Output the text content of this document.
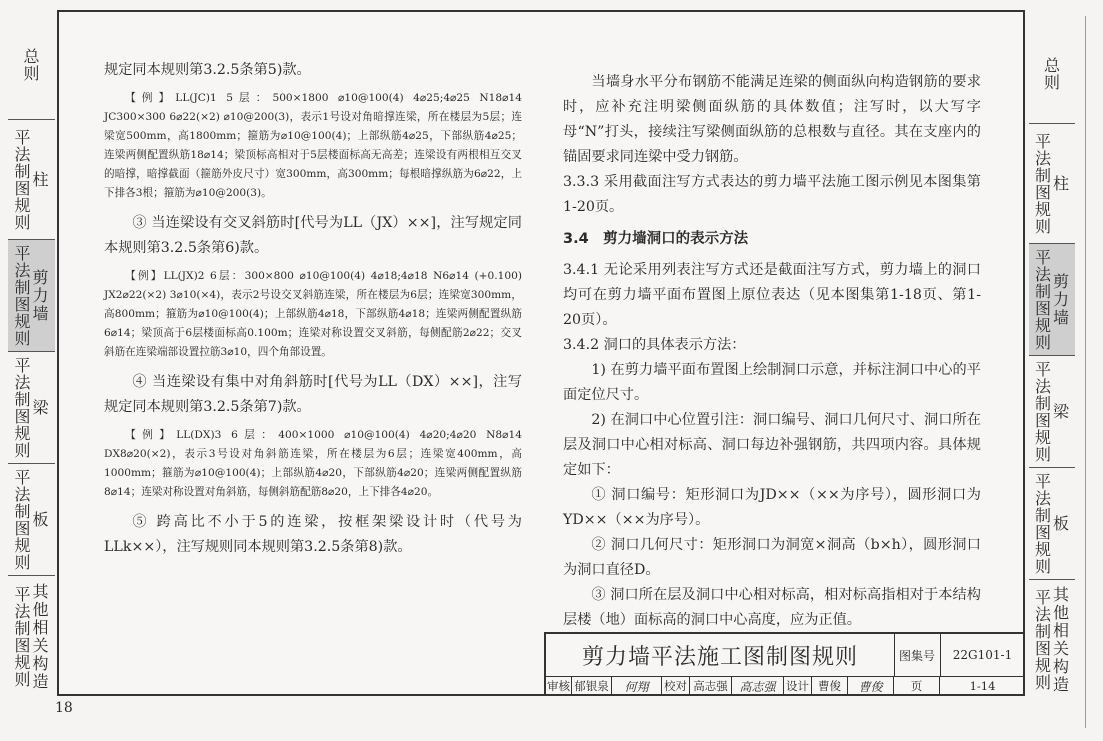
总
则
平
法
制
图
规
则
柱
平
法
制
图
规
则
剪
力
墙
平
法
制
图
规
则
梁
平
法
制
图
规
则
板
平
法
制
图
规
则
其
他
相
关
构
造
总
则
平
法
制
图
规
则
柱
平
法
制
图
规
则
剪
力
墙
平
法
制
图
规
则
梁
平
法
制
图
规
则
板
平
法
制
图
规
则
其
他
相
关
构
造

规定同本规则第3.2.5条第5)款。

【例】LL(JC)1 5层：500×1800 ⌀10@100(4) 4⌀25;4⌀25 N18⌀14 JC300×300 6⌀22(×2) ⌀10@200(3)，表示1号设对角暗撑连梁，所在楼层为5层；连梁宽500mm，高1800mm；箍筋为⌀10@100(4)；上部纵筋4⌀25，下部纵筋4⌀25；连梁两侧配置纵筋18⌀14；梁顶标高相对于5层楼面标高无高差；连梁设有两根相互交叉的暗撑，暗撑截面（箍筋外皮尺寸）宽300mm，高300mm；每根暗撑纵筋为6⌀22，上下排各3根；箍筋为⌀10@200(3)。

③ 当连梁设有交叉斜筋时[代号为LL（JX）××]，注写规定同本规则第3.2.5条第6)款。

【例】LL(JX)2 6层：300×800 ⌀10@100(4) 4⌀18;4⌀18 N6⌀14 (+0.100) JX2⌀22(×2) 3⌀10(×4)，表示2号设交叉斜筋连梁，所在楼层为6层；连梁宽300mm，高800mm；箍筋为⌀10@100(4)；上部纵筋4⌀18，下部纵筋4⌀18；连梁两侧配置纵筋6⌀14；梁顶高于6层楼面标高0.100m；连梁对称设置交叉斜筋，每侧配筋2⌀22；交叉斜筋在连梁端部设置拉筋3⌀10，四个角部设置。

④ 当连梁设有集中对角斜筋时[代号为LL（DX）××]，注写规定同本规则第3.2.5条第7)款。

【例】LL(DX)3 6层：400×1000 ⌀10@100(4) 4⌀20;4⌀20 N8⌀14 DX8⌀20(×2)，表示3号设对角斜筋连梁，所在楼层为6层；连梁宽400mm，高1000mm；箍筋为⌀10@100(4)；上部纵筋4⌀20，下部纵筋4⌀20；连梁两侧配置纵筋8⌀14；连梁对称设置对角斜筋，每侧斜筋配筋8⌀20，上下排各4⌀20。

⑤ 跨高比不小于5的连梁，按框架梁设计时（代号为LLk××），注写规则同本规则第3.2.5条第8)款。

当墙身水平分布钢筋不能满足连梁的侧面纵向构造钢筋的要求时，应补充注明梁侧面纵筋的具体数值；注写时，以大写字母“N”打头，接续注写梁侧面纵筋的总根数与直径。其在支座内的锚固要求同连梁中受力钢筋。

3.3.3 采用截面注写方式表达的剪力墙平法施工图示例见本图集第1-20页。

3.4　剪力墙洞口的表示方法

3.4.1 无论采用列表注写方式还是截面注写方式，剪力墙上的洞口均可在剪力墙平面布置图上原位表达（见本图集第1-18页、第1-20页）。

3.4.2 洞口的具体表示方法：

1) 在剪力墙平面布置图上绘制洞口示意，并标注洞口中心的平面定位尺寸。

2) 在洞口中心位置引注：洞口编号、洞口几何尺寸、洞口所在层及洞口中心相对标高、洞口每边补强钢筋，共四项内容。具体规定如下：

① 洞口编号：矩形洞口为JD××（××为序号），圆形洞口为YD××（××为序号）。

② 洞口几何尺寸：矩形洞口为洞宽×洞高（b×h），圆形洞口为洞口直径D。

③ 洞口所在层及洞口中心相对标高，相对标高指相对于本结构层楼（地）面标高的洞口中心高度，应为正值。

剪力墙平法施工图制图规则	图集号	22G101-1
审核 郁银泉	何翔	校对 高志强 高志强 设计 曹俊	曹俊	页	1-14
18
